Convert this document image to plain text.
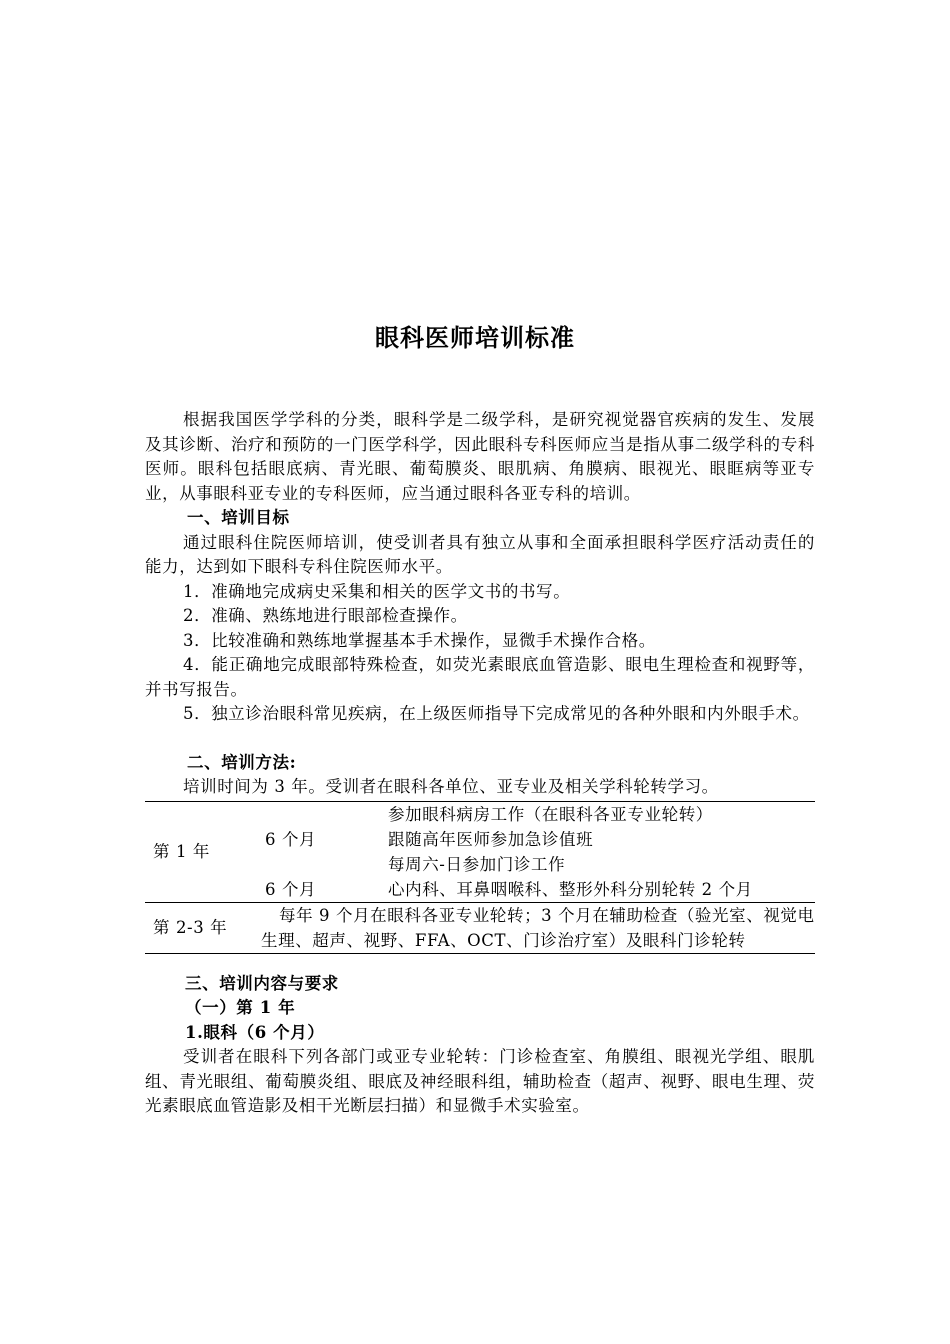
眼科医师培训标准

根据我国医学学科的分类，眼科学是二级学科，是研究视觉器官疾病的发生、发展及其诊断、治疗和预防的一门医学科学，因此眼科专科医师应当是指从事二级学科的专科医师。眼科包括眼底病、青光眼、葡萄膜炎、眼肌病、角膜病、眼视光、眼眶病等亚专业，从事眼科亚专业的专科医师，应当通过眼科各亚专科的培训。

一、培训目标

通过眼科住院医师培训，使受训者具有独立从事和全面承担眼科学医疗活动责任的能力，达到如下眼科专科住院医师水平。

1．准确地完成病史采集和相关的医学文书的书写。

2．准确、熟练地进行眼部检查操作。

3．比较准确和熟练地掌握基本手术操作，显微手术操作合格。

4．能正确地完成眼部特殊检查，如荧光素眼底血管造影、眼电生理检查和视野等，并书写报告。

5．独立诊治眼科常见疾病，在上级医师指导下完成常见的各种外眼和内外眼手术。

二、培训方法:

培训时间为 3 年。受训者在眼科各单位、亚专业及相关学科轮转学习。

第 1 年	6 个月	参加眼科病房工作（在眼科各亚专业轮转）
跟随高年医师参加急诊值班
每周六-日参加门诊工作

	6 个月	心内科、耳鼻咽喉科、整形外科分别轮转 2 个月
第 2-3 年	每年 9 个月在眼科各亚专业轮转；3 个月在辅助检查（验光室、视觉电生理、超声、视野、FFA、OCT、门诊治疗室）及眼科门诊轮转	

三、培训内容与要求

（一）第 1 年

1.眼科（6 个月）

受训者在眼科下列各部门或亚专业轮转：门诊检查室、角膜组、眼视光学组、眼肌组、青光眼组、葡萄膜炎组、眼底及神经眼科组，辅助检查（超声、视野、眼电生理、荧光素眼底血管造影及相干光断层扫描）和显微手术实验室。
